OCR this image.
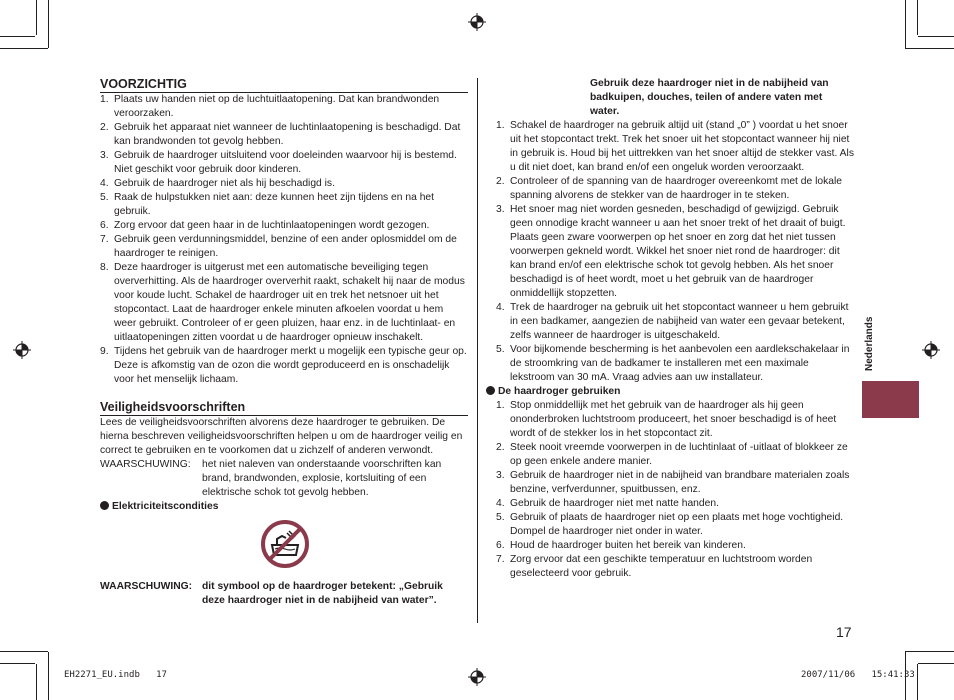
VOORZICHTIG
1. Plaats uw handen niet op de luchtuitlaatopening. Dat kan brandwonden veroorzaken.
2. Gebruik het apparaat niet wanneer de luchtinlaatopening is beschadigd. Dat kan brandwonden tot gevolg hebben.
3. Gebruik de haardroger uitsluitend voor doeleinden waarvoor hij is bestemd. Niet geschikt voor gebruik door kinderen.
4. Gebruik de haardroger niet als hij beschadigd is.
5. Raak de hulpstukken niet aan: deze kunnen heet zijn tijdens en na het gebruik.
6. Zorg ervoor dat geen haar in de luchtinlaatopeningen wordt gezogen.
7. Gebruik geen verdunningsmiddel, benzine of een ander oplosmiddel om de haardroger te reinigen.
8. Deze haardroger is uitgerust met een automatische beveiliging tegen oververhitting. Als de haardroger oververhit raakt, schakelt hij naar de modus voor koude lucht. Schakel de haardroger uit en trek het netsnoer uit het stopcontact. Laat de haardroger enkele minuten afkoelen voordat u hem weer gebruikt. Controleer of er geen pluizen, haar enz. in de luchtinlaat- en uitlaatopeningen zitten voordat u de haardroger opnieuw inschakelt.
9. Tijdens het gebruik van de haardroger merkt u mogelijk een typische geur op. Deze is afkomstig van de ozon die wordt geproduceerd en is onschadelijk voor het menselijk lichaam.
Veiligheidsvoorschriften

Lees de veiligheidsvoorschriften alvorens deze haardroger te gebruiken. De hierna beschreven veiligheidsvoorschriften helpen u om de haardroger veilig en correct te gebruiken en te voorkomen dat u zichzelf of anderen verwondt.

WAARSCHUWING:	het niet naleven van onderstaande voorschriften kan brand, brandwonden, explosie, kortsluiting of een elektrische schok tot gevolg hebben.

Elektriciteitscondities

WAARSCHUWING: dit symbool op de haardroger betekent: „Gebruik deze haardroger niet in de nabijheid van water”.

Gebruik deze haardroger niet in de nabijheid van badkuipen, douches, teilen of andere vaten met water.

1. Schakel de haardroger na gebruik altijd uit (stand „0” ) voordat u het snoer uit het stopcontact trekt. Trek het snoer uit het stopcontact wanneer hij niet in gebruik is. Houd bij het uittrekken van het snoer altijd de stekker vast. Als u dit niet doet, kan brand en/of een ongeluk worden veroorzaakt.
2. Controleer of de spanning van de haardroger overeenkomt met de lokale spanning alvorens de stekker van de haardroger in te steken.
3. Het snoer mag niet worden gesneden, beschadigd of gewijzigd. Gebruik geen onnodige kracht wanneer u aan het snoer trekt of het draait of buigt. Plaats geen zware voorwerpen op het snoer en zorg dat het niet tussen voorwerpen gekneld wordt. Wikkel het snoer niet rond de haardroger: dit kan brand en/of een elektrische schok tot gevolg hebben. Als het snoer beschadigd is of heet wordt, moet u het gebruik van de haardroger onmiddellijk stopzetten.
4. Trek de haardroger na gebruik uit het stopcontact wanneer u hem gebruikt in een badkamer, aangezien de nabijheid van water een gevaar betekent, zelfs wanneer de haardroger is uitgeschakeld.
5. Voor bijkomende bescherming is het aanbevolen een aardlekschakelaar in de stroomkring van de badkamer te installeren met een maximale lekstroom van 30 mA. Vraag advies aan uw installateur.

De haardroger gebruiken

1. Stop onmiddellijk met het gebruik van de haardroger als hij geen ononderbroken luchtstroom produceert, het snoer beschadigd is of heet wordt of de stekker los in het stopcontact zit.
2. Steek nooit vreemde voorwerpen in de luchtinlaat of -uitlaat of blokkeer ze op geen enkele andere manier.
3. Gebruik de haardroger niet in de nabijheid van brandbare materialen zoals benzine, verfverdunner, spuitbussen, enz.
4. Gebruik de haardroger niet met natte handen.
5. Gebruik of plaats de haardroger niet op een plaats met hoge vochtigheid. Dompel de haardroger niet onder in water.
6. Houd de haardroger buiten het bereik van kinderen.
7. Zorg ervoor dat een geschikte temperatuur en luchtstroom worden geselecteerd voor gebruik.
Nederlands
17
EH2271_EU.indb   17	2007/11/06   15:41:33
